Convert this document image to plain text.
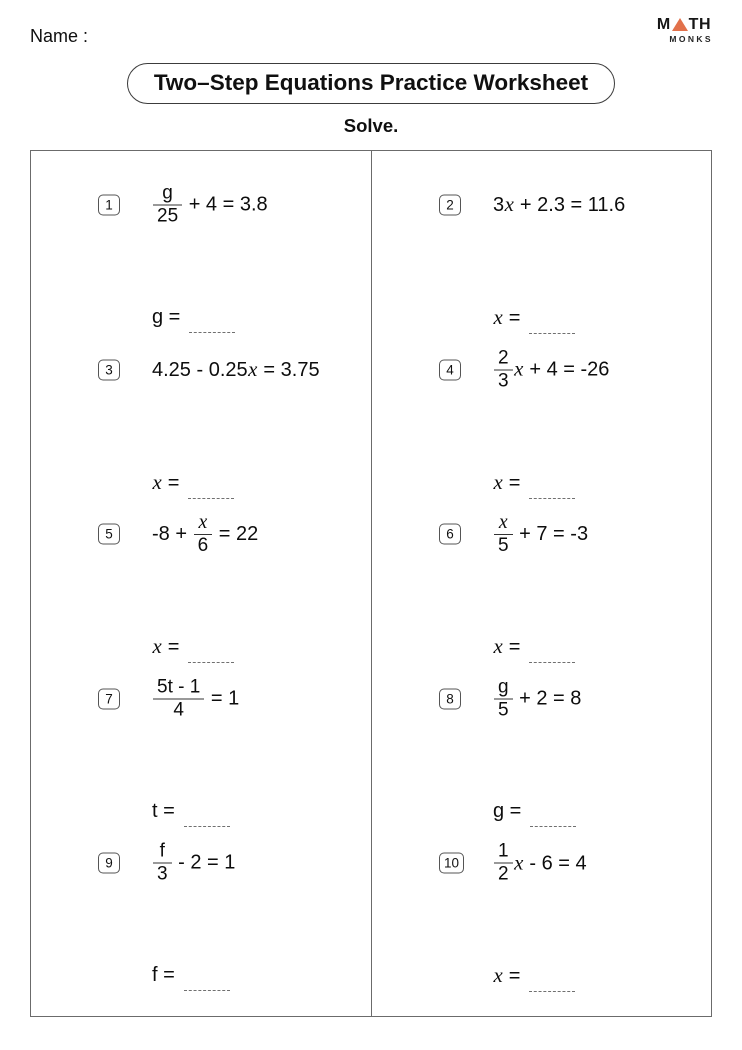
Name :
M TH
MONKS
Two–Step Equations Practice Worksheet
Solve.
1	$\frac{g}{25} + 4 = 3.8$
g =
3	4.25 - 0.25x = 3.75
x =
5	$-8 + \frac{x}{6} = 22$
x =
7	$\frac{5t - 1}{4} = 1$
t =
9	$\frac{f}{3} - 2 = 1$
f =
2	3x + 2.3 = 11.6
x =
4	$\frac{2}{3}$ x + 4 = -26
x =
6	$\frac{x}{5} + 7 = -3$
x =
8	$\frac{g}{5} + 2 = 8$
g =
$10 \frac{1}{2}$ x - 6 = 4
x =
